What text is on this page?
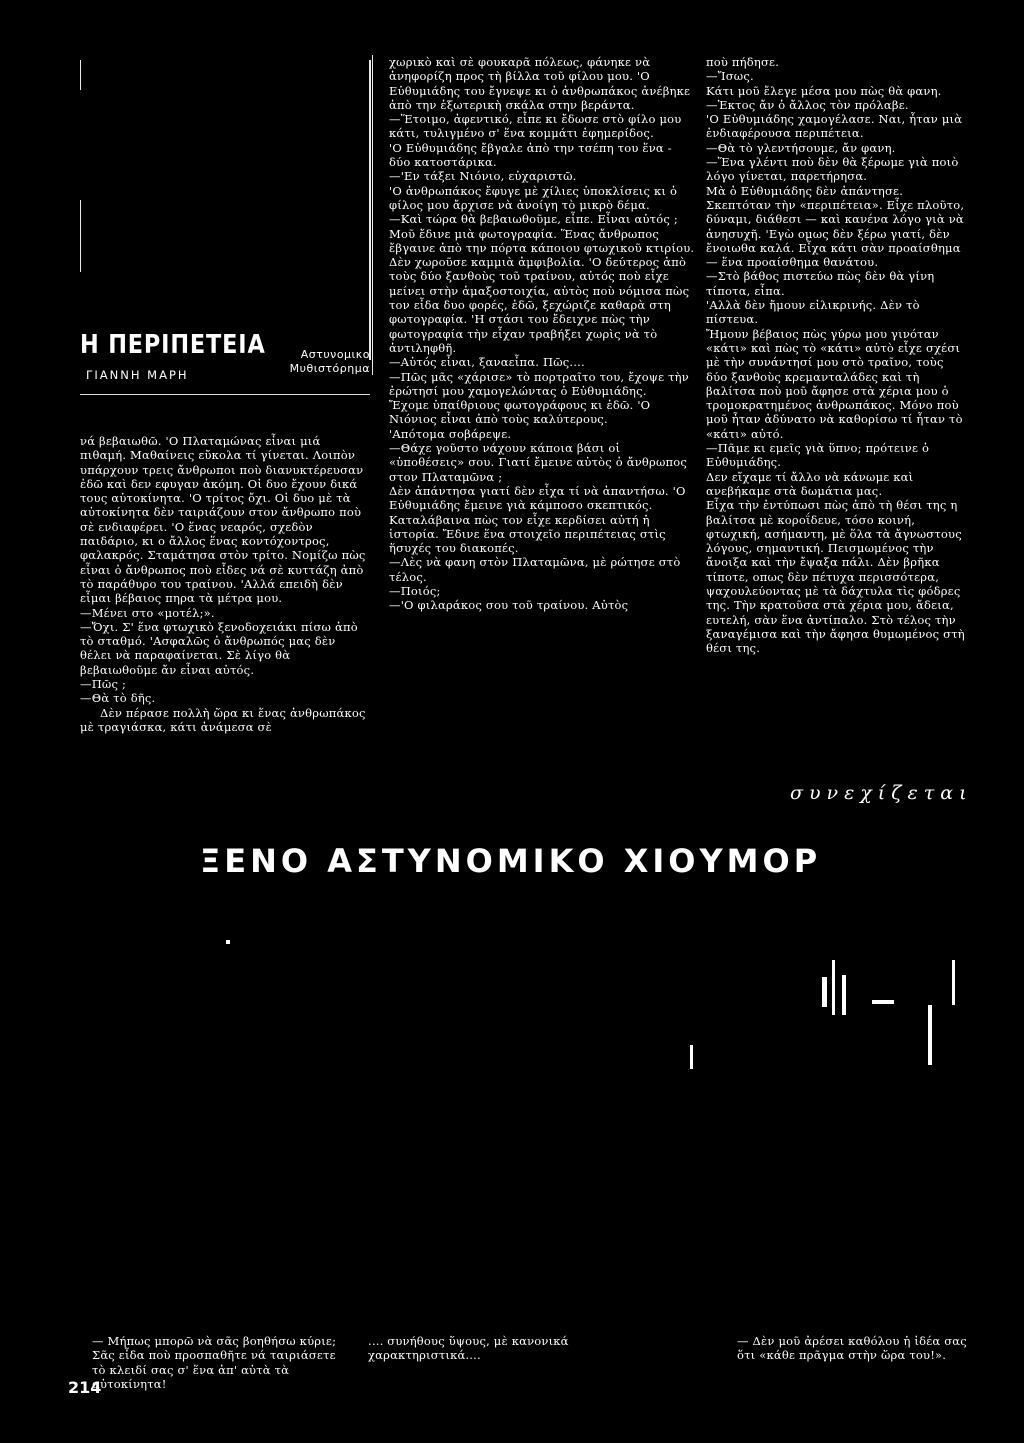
Η ΠΕΡΙΠΕΤΕΙΑ	Αστυνομικο
Μυθιστόρημα
ΓΙΑΝΝΗ ΜΑΡΗ

νά βεβαιωθῶ. 'Ο Πλαταμώνας εἶναι μιά πιθαμή. Μαθαίνεις εὔκολα τί γίνεται. Λοιπὸν υπάρχουν τρεις ἄνθρωποι ποὺ διανυκτέρευσαν ἐδῶ καὶ δεν εφυγαν ἀκόμη. Οἱ δυο ἔχουν δικά τους αὐτοκίνητα. 'Ο τρίτος ὄχι. Οἱ δυο μὲ τὰ αὐτοκίνητα δὲν ταιριάζουν στον ἄνθρωπο ποὺ σὲ ενδιαφέρει. 'Ο ἕνας νεαρός, σχεδὸν παιδάριο, κι ο ἄλλος ἕνας κοντόχοντρος, φαλακρός. Σταμάτησα στὸν τρίτο. Νομίζω πὼς εἶναι ὁ ἄνθρωπος ποὺ εἶδες νά σὲ κυττάζη ἀπὸ τὸ παράθυρο του τραίνου. 'Αλλά επειδὴ δὲν εἶμαι βέβαιος πηρα τὰ μέτρα μου.

—Μένει στο «μοτέλ;».

—Ὄχι. Σ' ἕνα φτωχικὸ ξενοδοχειάκι πίσω ἀπὸ τὸ σταθμό. 'Ασφαλῶς ὁ ἄνθρωπός μας δὲν θέλει νὰ παραφαίνεται. Σὲ λίγο θὰ βεβαιωθοῦμε ἄν εἶναι αὐτός.

—Πῶς ;

—Θὰ τὸ δῆς.

Δὲν πέρασε πολλὴ ὥρα κι ἕνας ἀνθρωπάκος μὲ τραγιάσκα, κάτι ἀνάμεσα σὲ

χωρικὸ καὶ σὲ φουκαρᾶ πόλεως, φάνηκε νὰ ἀνηφορίζη προς τὴ βίλλα τοῦ φίλου μου. 'Ο Εὐθυμιάδης του ἔγνεψε κι ὁ ἀνθρωπάκος ἀνέβηκε ἀπὸ την ἐξωτερικὴ σκάλα στην βεράντα.

—Ἕτοιμο, ἀφεντικό, εἶπε κι ἔδωσε στὸ φίλο μου κάτι, τυλιγμένο σ' ἕνα κομμάτι ἐφημερίδος.

'Ο Εὐθυμιάδης ἔβγαλε ἀπὸ την τσέπη του ἕνα - δύο κατοστάρικα.

—'Εν τάξει Νιόνιο, εὐχαριστῶ.

'Ο ἀνθρωπάκος ἔφυγε μὲ χίλιες ὑποκλίσεις κι ὁ φίλος μου ἄρχισε νὰ ἀνοίγη τὸ μικρὸ δέμα.

—Καὶ τώρα θὰ βεβαιωθοῦμε, εἶπε. Εἶναι αὐτός ;

Μοῦ ἔδινε μιὰ φωτογραφία. Ἕνας ἄνθρωπος ἔβγαινε ἀπὸ την πόρτα κάποιου φτωχικοῦ κτιρίου.

Δὲν χωροῦσε καμμιὰ ἀμφιβολία. 'Ο δεύτερος ἀπὸ τοὺς δύο ξανθοὺς τοῦ τραίνου, αὐτός ποὺ εἶχε μείνει στὴν ἁμαξοστοιχία, αὐτὸς ποὺ νόμισα πὼς τον εἶδα δυο φορές, ἐδῶ, ξεχώριζε καθαρὰ στη φωτογραφία. 'Η στάσι του ἔδειχνε πὼς τὴν φωτογραφία τὴν εἶχαν τραβήξει χωρὶς νὰ τὸ ἀντιληφθῆ.

—Αὐτός εἶναι, ξαναεἶπα. Πῶς....

—Πῶς μᾶς «χάρισε» τὸ πορτραῖτο του, ἔχοψε τὴν ἐρώτησί μου χαμογελώντας ὁ Εὐθυμιάδης.

Ἔχομε ὑπαίθριους φωτογράφους κι ἐδῶ. 'Ο Νιόνιος εἶναι ἀπὸ τοὺς καλύτερους.

'Απότομα σοβάρεψε.

—Θάχε γοῦστο νάχουν κάποια βάσι οἱ «ὑποθέσεις» σου. Γιατί ἔμεινε αὐτὸς ὁ ἄνθρωπος στον Πλαταμῶνα ;

Δὲν ἀπάντησα γιατί δὲν εἶχα τί νὰ ἀπαντήσω. 'Ο Εὐθυμιάδης ἔμεινε γιὰ κάμποσο σκεπτικός. Καταλάβαινα πὼς τον εἶχε κερδίσει αὐτή ἡ ἱστορία. Ἔδινε ἕνα στοιχεῖο περιπέτειας στὶς ἥσυχές του διακοπές.

—Λὲς νὰ φανη στὸν Πλαταμῶνα, μὲ ρώτησε στὸ τέλος.

—Ποιός;

—'Ο φιλαράκος σου τοῦ τραίνου. Αὐτὸς

ποὺ πήδησε.

—Ἴσως.

Κάτι μοῦ ἔλεγε μέσα μου πὼς θὰ φανη.

—Ἐκτος ἄν ὁ ἄλλος τὸν πρόλαβε.

'Ο Εὐθυμιάδης χαμογέλασε. Ναι, ἦταν μιὰ ἐνδιαφέρουσα περιπέτεια.

—Θὰ τὸ γλεντήσουμε, ἄν φανη.

—Ἕνα γλέντι ποὺ δὲν θὰ ξέρωμε γιὰ ποιὸ λόγο γίνεται, παρετήρησα.

Μὰ ὁ Εὐθυμιάδης δὲν ἀπάντησε.

Σκεπτόταν τὴν «περιπέτεια». Εἶχε πλοῦτο, δύναμι, διάθεσι — καὶ κανένα λόγο γιὰ νὰ ἀνησυχῆ. 'Εγὼ ομως δὲν ξέρω γιατί, δὲν ἔνοιωθα καλά. Εἶχα κάτι σὰν προαίσθημα — ἕνα προαίσθημα θανάτου.

—Στὸ βάθος πιστεύω πὼς δὲν θὰ γίνη τίποτα, εἶπα.

'Αλλὰ δὲν ἤμουν εἰλικρινής. Δὲν τὸ πίστευα.

Ἤμουν βέβαιος πὼς γύρω μου γινόταν «κάτι» καὶ πὼς τὸ «κάτι» αὐτὸ εἶχε σχέσι μὲ τὴν συνάντησί μου στὸ τραῖνο, τοὺς δύο ξανθοὺς κρεμανταλάδες καὶ τὴ βαλίτσα ποὺ μοῦ ἄφησε στὰ χέρια μου ὁ τρομοκρατημένος ἀνθρωπάκος. Μόνο ποὺ μοῦ ἦταν ἀδύνατο νὰ καθορίσω τί ἦταν τὸ «κάτι» αὐτό.

—Πᾶμε κι εμεῖς γιὰ ὕπνο; πρότεινε ὁ Εὐθυμιάδης.

Δεν εἴχαμε τί ἄλλο νὰ κάνωμε καὶ ανεβήκαμε στὰ δωμάτια μας.

Εἶχα τὴν ἐντύπωσι πὼς ἀπὸ τὴ θέσι της η βαλίτσα μὲ κοροΐδευε, τόσο κοινή, φτωχική, ασήμαντη, μὲ ὅλα τὰ ἄγνωστους λόγους, σημαντική. Πεισμωμένος τὴν ἄνοιξα καὶ τὴν ἔψαξα πάλι. Δὲν βρῆκα τίποτε, οπως δὲν πέτυχα περισσότερα, ψαχουλεύοντας μὲ τὰ δάχτυλα τὶς φόδρες της. Τὴν κρατοῦσα στὰ χέρια μου, ἄδεια, ευτελή, σὰν ἕνα ἀντίπαλο. Στὸ τέλος τὴν ξαναγέμισα καὶ τὴν ἄφησα θυμωμένος στὴ θέσι της.

συνεχίζεται
ΞΕΝΟ ΑΣΤΥΝΟΜΙΚΟ ΧΙΟΥΜΟΡ
— Μήπως μπορῶ νὰ σᾶς βοηθήσω κύριε; Σᾶς εἶδα ποὺ προσπαθῆτε νά ταιριάσετε τὸ κλειδί σας σ' ἕνα ἀπ' αὐτὰ τὰ αὐτοκίνητα!
.... συνήθους ὕψους, μὲ κανονικά χαρακτηριστικά....
— Δὲν μοῦ ἀρέσει καθόλου ἡ ἰδέα σας ὅτι «κάθε πρᾶγμα στὴν ὥρα του!».
214
